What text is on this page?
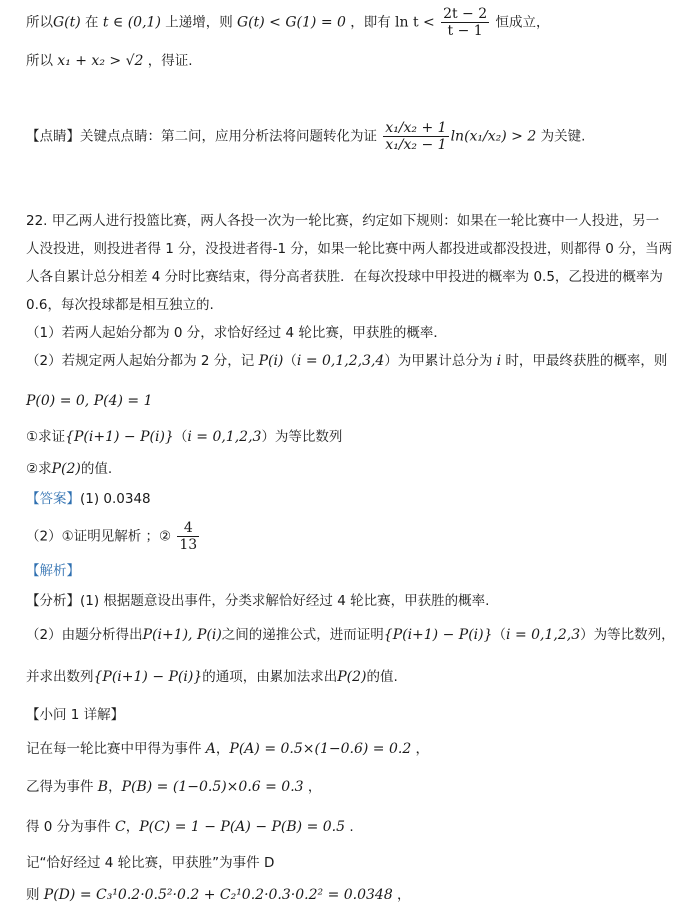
所以G(t) 在 t ∈ (0,1) 上递增，则 G(t) < G(1) = 0 ，即有 $\ln t < \frac{2t - 2}{t - 1}$ 恒成立，
所以 x₁ + x₂ > √2 ，得证.
【点睛】关键点点睛：第二问，应用分析法将问题转化为证 $\frac{\text{x₁/x₂ + 1}}{\text{x₁/x₂ − 1}} \ln(x_1/x_2) > 2$ 为关键.
22. 甲乙两人进行投篮比赛，两人各投一次为一轮比赛，约定如下规则：如果在一轮比赛中一人投进，另一
人没投进，则投进者得 1 分，没投进者得-1 分，如果一轮比赛中两人都投进或都没投进，则都得 0 分，当两
人各自累计总分相差 4 分时比赛结束，得分高者获胜．在每次投球中甲投进的概率为 0.5，乙投进的概率为
0.6，每次投球都是相互独立的.
（1）若两人起始分都为 0 分，求恰好经过 4 轮比赛，甲获胜的概率．
（2）若规定两人起始分都为 2 分，记 P(i)（i = 0,1,2,3,4）为甲累计总分为 i 时，甲最终获胜的概率，则
P(0) = 0, P(4) = 1
①求证{P(i+1) − P(i)}（i = 0,1,2,3）为等比数列
②求P(2)的值.
【答案】(1) 0.0348
（2）①证明见解析 ；② $\frac{4}{13}$
【解析】
【分析】(1) 根据题意设出事件，分类求解恰好经过 4 轮比赛，甲获胜的概率.
（2）由题分析得出P(i+1), P(i)之间的递推公式，进而证明{P(i+1) − P(i)}（i = 0,1,2,3）为等比数列，
并求出数列{P(i+1) − P(i)}的通项，由累加法求出P(2)的值.
【小问 1 详解】
记在每一轮比赛中甲得为事件 A，P(A) = 0.5×(1−0.6) = 0.2 ，
乙得为事件 B，P(B) = (1−0.5)×0.6 = 0.3 ，
得 0 分为事件 C，P(C) = 1 − P(A) − P(B) = 0.5 .
记“恰好经过 4 轮比赛，甲获胜”为事件 D
则 P(D) = C₃¹0.2·0.5²·0.2 + C₂¹0.2·0.3·0.2² = 0.0348 ，
